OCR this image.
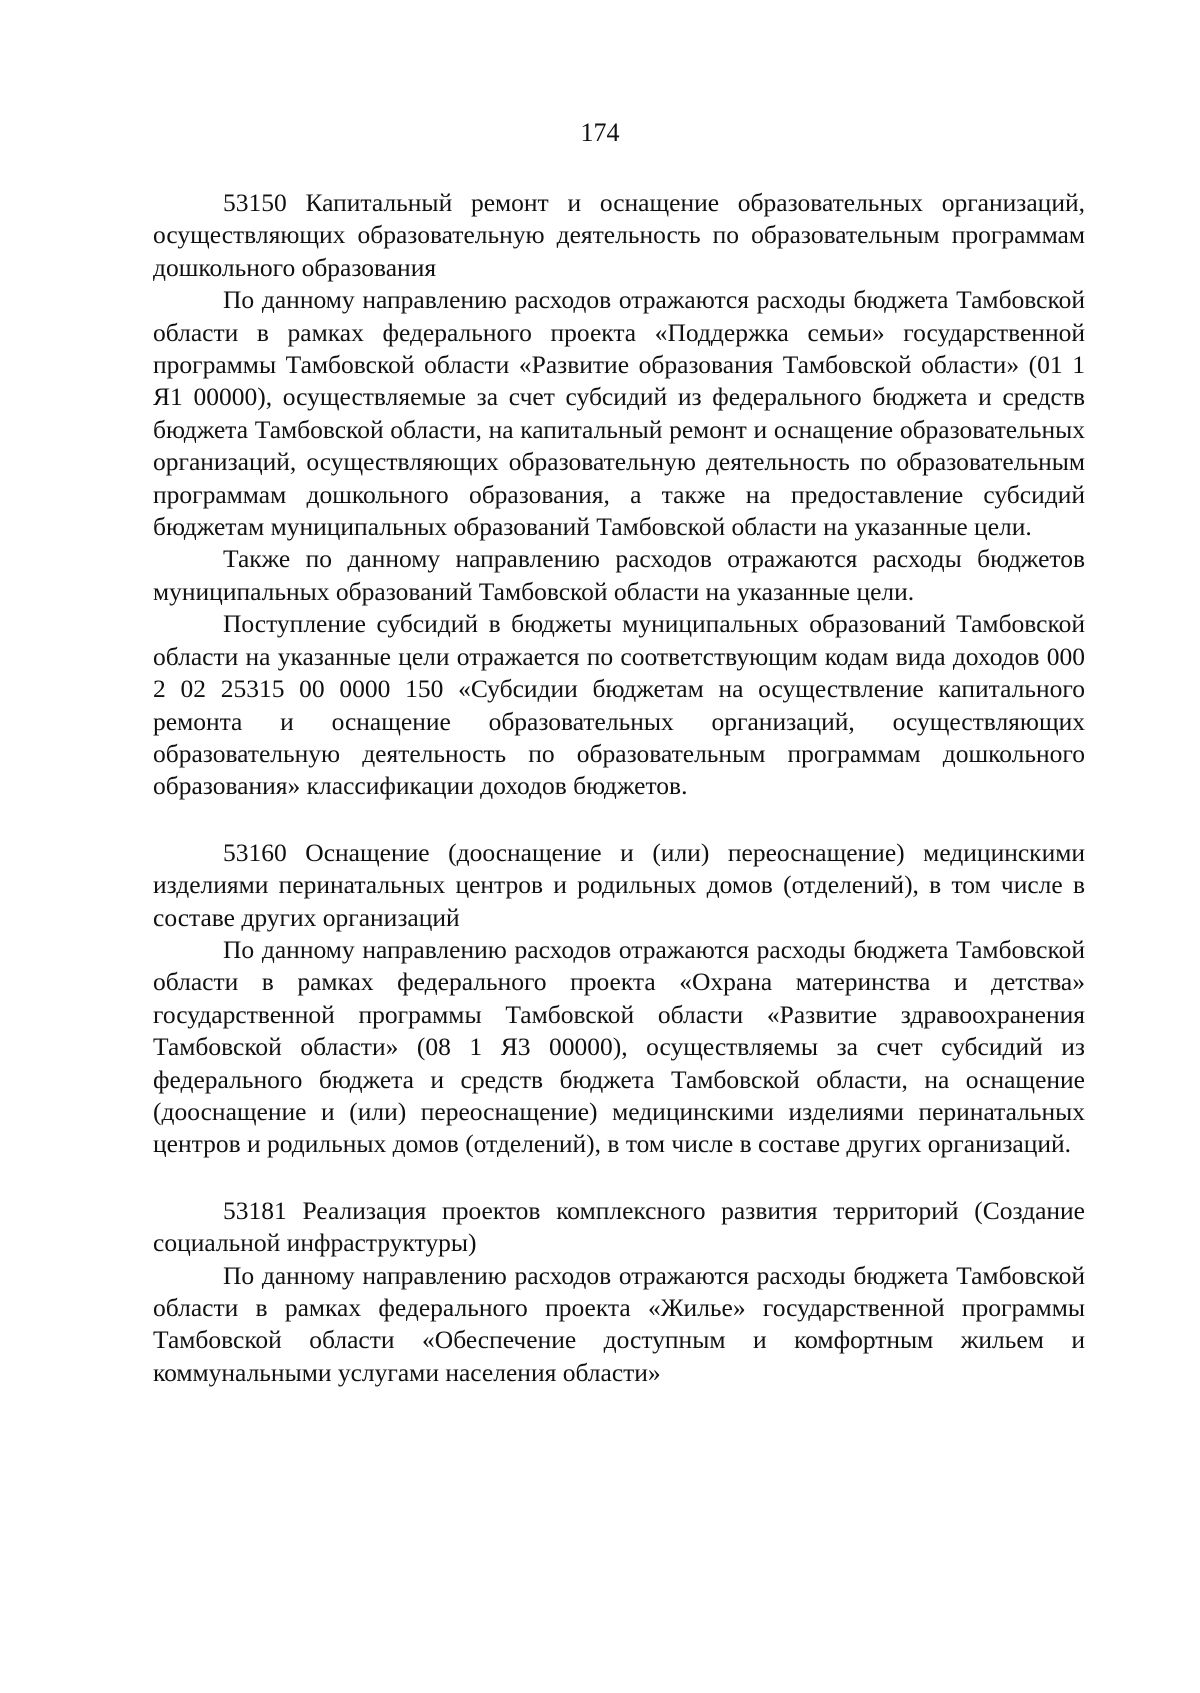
174

53150 Капитальный ремонт и оснащение образовательных организаций, осуществляющих образовательную деятельность по образовательным программам дошкольного образования

По данному направлению расходов отражаются расходы бюджета Тамбовской области в рамках федерального проекта «Поддержка семьи» государственной программы Тамбовской области «Развитие образования Тамбовской области» (01 1 Я1 00000), осуществляемые за счет субсидий из федерального бюджета и средств бюджета Тамбовской области, на капитальный ремонт и оснащение образовательных организаций, осуществляющих образовательную деятельность по образовательным программам дошкольного образования, а также на предоставление субсидий бюджетам муниципальных образований Тамбовской области на указанные цели.

Также по данному направлению расходов отражаются расходы бюджетов муниципальных образований Тамбовской области на указанные цели.

Поступление субсидий в бюджеты муниципальных образований Тамбовской области на указанные цели отражается по соответствующим кодам вида доходов 000 2 02 25315 00 0000 150 «Субсидии бюджетам на осуществление капитального ремонта и оснащение образовательных организаций, осуществляющих образовательную деятельность по образовательным программам дошкольного образования» классификации доходов бюджетов.

53160 Оснащение (дооснащение и (или) переоснащение) медицинскими изделиями перинатальных центров и родильных домов (отделений), в том числе в составе других организаций

По данному направлению расходов отражаются расходы бюджета Тамбовской области в рамках федерального проекта «Охрана материнства и детства» государственной программы Тамбовской области «Развитие здравоохранения Тамбовской области» (08 1 Я3 00000), осуществляемы за счет субсидий из федерального бюджета и средств бюджета Тамбовской области, на оснащение (дооснащение и (или) переоснащение) медицинскими изделиями перинатальных центров и родильных домов (отделений), в том числе в составе других организаций.

53181 Реализация проектов комплексного развития территорий (Создание социальной инфраструктуры)

По данному направлению расходов отражаются расходы бюджета Тамбовской области в рамках федерального проекта «Жилье» государственной программы Тамбовской области «Обеспечение доступным и комфортным жильем и коммунальными услугами населения области»
